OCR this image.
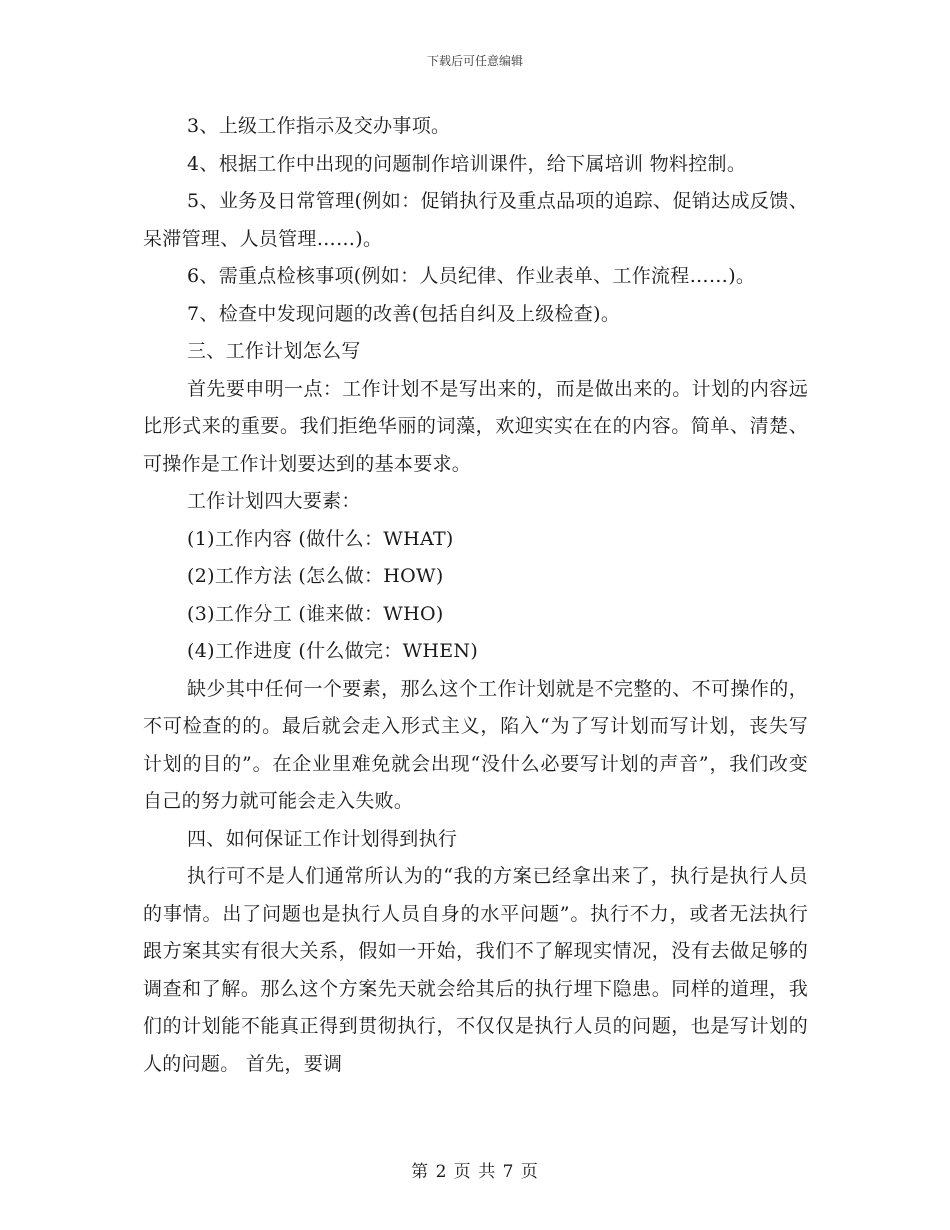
下载后可任意编辑

3、上级工作指示及交办事项。

4、根据工作中出现的问题制作培训课件，给下属培训 物料控制。

5、业务及日常管理(例如：促销执行及重点品项的追踪、促销达成反馈、呆滞管理、人员管理……)。

6、需重点检核事项(例如：人员纪律、作业表单、工作流程……)。

7、检查中发现问题的改善(包括自纠及上级检查)。

三、工作计划怎么写

首先要申明一点：工作计划不是写出来的，而是做出来的。计划的内容远比形式来的重要。我们拒绝华丽的词藻，欢迎实实在在的内容。简单、清楚、可操作是工作计划要达到的基本要求。

工作计划四大要素：

(1)工作内容 (做什么：WHAT)

(2)工作方法 (怎么做：HOW)

(3)工作分工 (谁来做：WHO)

(4)工作进度 (什么做完：WHEN)

缺少其中任何一个要素，那么这个工作计划就是不完整的、不可操作的，不可检查的的。最后就会走入形式主义，陷入“为了写计划而写计划，丧失写计划的目的”。在企业里难免就会出现“没什么必要写计划的声音”，我们改变自己的努力就可能会走入失败。

四、如何保证工作计划得到执行

执行可不是人们通常所认为的“我的方案已经拿出来了，执行是执行人员的事情。出了问题也是执行人员自身的水平问题”。执行不力，或者无法执行跟方案其实有很大关系，假如一开始，我们不了解现实情况，没有去做足够的调查和了解。那么这个方案先天就会给其后的执行埋下隐患。同样的道理，我们的计划能不能真正得到贯彻执行，不仅仅是执行人员的问题，也是写计划的人的问题。 首先，要调

第 2 页 共 7 页
